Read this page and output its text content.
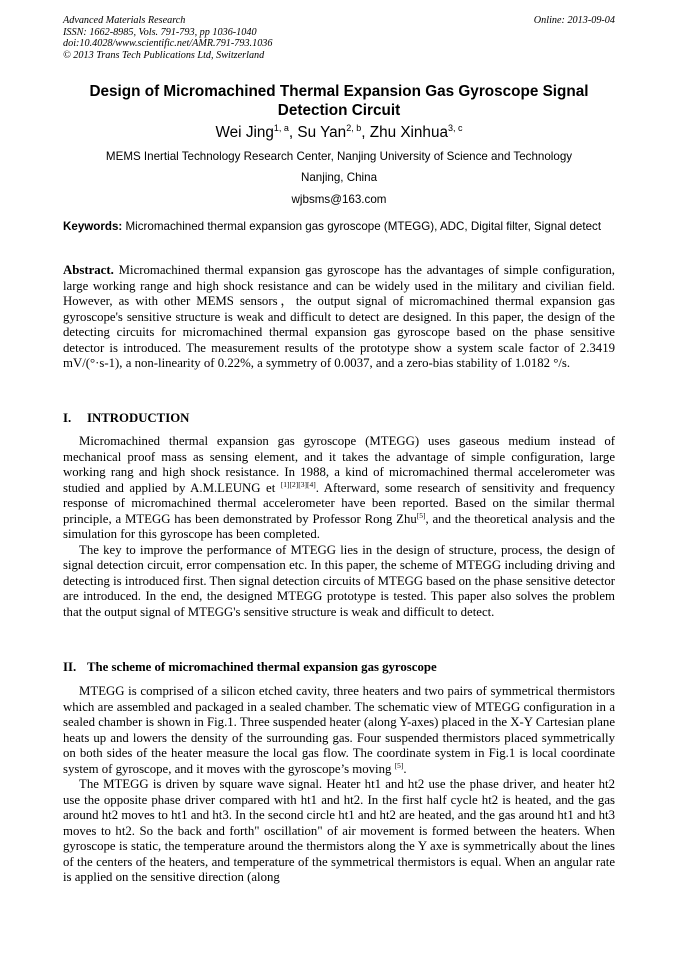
Advanced Materials Research
ISSN: 1662-8985, Vols. 791-793, pp 1036-1040
doi:10.4028/www.scientific.net/AMR.791-793.1036
© 2013 Trans Tech Publications Ltd, Switzerland
Online: 2013-09-04
Design of Micromachined Thermal Expansion Gas Gyroscope Signal
Detection Circuit
Wei Jing$^{1, a}$, Su Yan$^{2, b}$, Zhu Xinhua$^{3, c}$
MEMS Inertial Technology Research Center, Nanjing University of Science and Technology
Nanjing, China
wjbsms@163.com
Keywords: Micromachined thermal expansion gas gyroscope (MTEGG), ADC, Digital filter, Signal detect
Abstract. Micromachined thermal expansion gas gyroscope has the advantages of simple configuration, large working range and high shock resistance and can be widely used in the military and civilian field. However, as with other MEMS sensors，the output signal of micromachined thermal expansion gas gyroscope's sensitive structure is weak and difficult to detect are designed. In this paper, the design of the detecting circuits for micromachined thermal expansion gas gyroscope based on the phase sensitive detector is introduced. The measurement results of the prototype show a system scale factor of 2.3419 mV/(°·s-1), a non-linearity of 0.22%, a symmetry of 0.0037, and a zero-bias stability of 1.0182 °/s.
I. INTRODUCTION

Micromachined thermal expansion gas gyroscope (MTEGG) uses gaseous medium instead of mechanical proof mass as sensing element, and it takes the advantage of simple configuration, large working rang and high shock resistance. In 1988, a kind of micromachined thermal accelerometer was studied and applied by A.M.LEUNG et [1][2][3][4]. Afterward, some research of sensitivity and frequency response of micromachined thermal accelerometer have been reported. Based on the similar thermal principle, a MTEGG has been demonstrated by Professor Rong Zhu[5], and the theoretical analysis and the simulation for this gyroscope has been completed.

The key to improve the performance of MTEGG lies in the design of structure, process, the design of signal detection circuit, error compensation etc. In this paper, the scheme of MTEGG including driving and detecting is introduced first. Then signal detection circuits of MTEGG based on the phase sensitive detector are introduced. In the end, the designed MTEGG prototype is tested. This paper also solves the problem that the output signal of MTEGG's sensitive structure is weak and difficult to detect.

II. The scheme of micromachined thermal expansion gas gyroscope

MTEGG is comprised of a silicon etched cavity, three heaters and two pairs of symmetrical thermistors which are assembled and packaged in a sealed chamber. The schematic view of MTEGG configuration in a sealed chamber is shown in Fig.1. Three suspended heater (along Y-axes) placed in the X-Y Cartesian plane heats up and lowers the density of the surrounding gas. Four suspended thermistors placed symmetrically on both sides of the heater measure the local gas flow. The coordinate system in Fig.1 is local coordinate system of gyroscope, and it moves with the gyroscope’s moving [5].

The MTEGG is driven by square wave signal. Heater ht1 and ht2 use the phase driver, and heater ht2 use the opposite phase driver compared with ht1 and ht2. In the first half cycle ht2 is heated, and the gas around ht2 moves to ht1 and ht3. In the second circle ht1 and ht2 are heated, and the gas around ht1 and ht3 moves to ht2. So the back and forth" oscillation" of air movement is formed between the heaters. When gyroscope is static, the temperature around the thermistors along the Y axe is symmetrically about the lines of the centers of the heaters, and temperature of the symmetrical thermistors is equal. When an angular rate is applied on the sensitive direction (along
